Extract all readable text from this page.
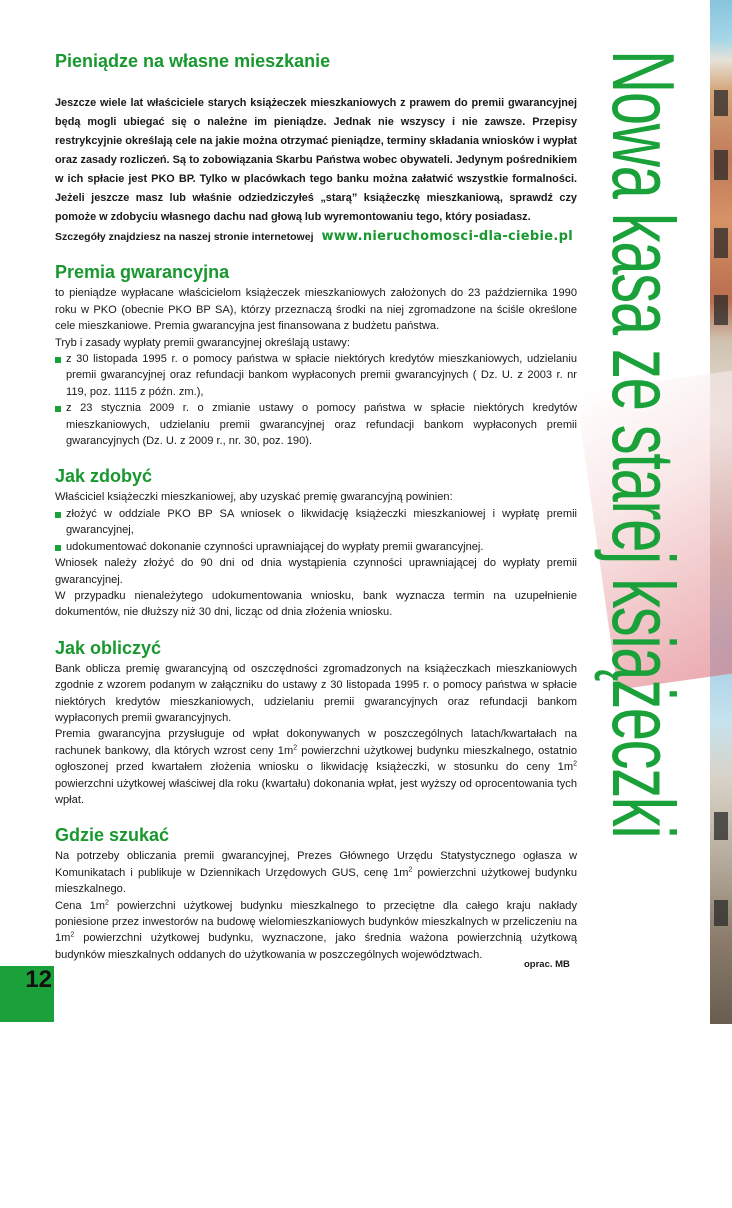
Nowa kasa ze starej książeczki
Pieniądze na własne mieszkanie

Jeszcze wiele lat właściciele starych książeczek mieszkaniowych z prawem do premii gwarancyjnej będą mogli ubiegać się o należne im pieniądze. Jednak nie wszyscy i nie zawsze. Przepisy restrykcyjnie określają cele na jakie można otrzymać pieniądze, terminy składania wniosków i wypłat oraz zasady rozliczeń. Są to zobowiązania Skarbu Państwa wobec obywateli. Jedynym pośrednikiem w ich spłacie jest PKO BP. Tylko w placówkach tego banku można załatwić wszystkie formalności. Jeżeli jeszcze masz lub właśnie odziedziczyłeś „starą” książeczkę mieszkaniową, sprawdź czy pomoże w zdobyciu własnego dachu nad głową lub wyremontowaniu tego, który posiadasz.

Szczegóły znajdziesz na naszej stronie internetowej www.nieruchomosci-dla-ciebie.pl
Premia gwarancyjna

to pieniądze wypłacane właścicielom książeczek mieszkaniowych założonych do 23 października 1990 roku w PKO (obecnie PKO BP SA), którzy przeznaczą środki na niej zgromadzone na ściśle określone cele mieszkaniowe. Premia gwarancyjna jest finansowana z budżetu państwa.

Tryb i zasady wypłaty premii gwarancyjnej określają ustawy:

z 30 listopada 1995 r. o pomocy państwa w spłacie niektórych kredytów mieszkaniowych, udzielaniu premii gwarancyjnej oraz refundacji bankom wypłaconych premii gwarancyjnych ( Dz. U. z 2003 r. nr 119, poz. 1115 z późn. zm.),
z 23 stycznia 2009 r. o zmianie ustawy o pomocy państwa w spłacie niektórych kredytów mieszkaniowych, udzielaniu premii gwarancyjnej oraz refundacji bankom wypłaconych premii gwarancyjnych (Dz. U. z 2009 r., nr. 30, poz. 190).
Jak zdobyć

Właściciel książeczki mieszkaniowej, aby uzyskać premię gwarancyjną powinien:

złożyć w oddziale PKO BP SA wniosek o likwidację książeczki mieszkaniowej i wypłatę premii gwarancyjnej,
udokumentować dokonanie czynności uprawniającej do wypłaty premii gwarancyjnej.

Wniosek należy złożyć do 90 dni od dnia wystąpienia czynności uprawniającej do wypłaty premii gwarancyjnej.

W przypadku nienależytego udokumentowania wniosku, bank wyznacza termin na uzupełnienie dokumentów, nie dłuższy niż 30 dni, licząc od dnia złożenia wniosku.

Jak obliczyć

Bank oblicza premię gwarancyjną od oszczędności zgromadzonych na książeczkach mieszkaniowych zgodnie z wzorem podanym w załączniku do ustawy z 30 listopada 1995 r. o pomocy państwa w spłacie niektórych kredytów mieszkaniowych, udzielaniu premii gwarancyjnych oraz refundacji bankom wypłaconych premii gwarancyjnych.

Premia gwarancyjna przysługuje od wpłat dokonywanych w poszczególnych latach/kwartałach na rachunek bankowy, dla których wzrost ceny $1m^2$ powierzchni użytkowej budynku mieszkalnego, ostatnio ogłoszonej przed kwartałem złożenia wniosku o likwidację książeczki, w stosunku do ceny $1m^2$ powierzchni użytkowej właściwej dla roku (kwartału) dokonania wpłat, jest wyższy od oprocentowania tych wpłat.

Gdzie szukać

Na potrzeby obliczania premii gwarancyjnej, Prezes Głównego Urzędu Statystycznego ogłasza w Komunikatach i publikuje w Dziennikach Urzędowych GUS, cenę $1m^2$ powierzchni użytkowej budynku mieszkalnego.

Cena $1m^2$ powierzchni użytkowej budynku mieszkalnego to przeciętne dla całego kraju nakłady poniesione przez inwestorów na budowę wielomieszkaniowych budynków mieszkalnych w przeliczeniu na $1m^2$ powierzchni użytkowej budynku, wyznaczone, jako średnia ważona powierzchnią użytkową budynków mieszkalnych oddanych do użytkowania w poszczególnych województwach.

oprac. MB
12
